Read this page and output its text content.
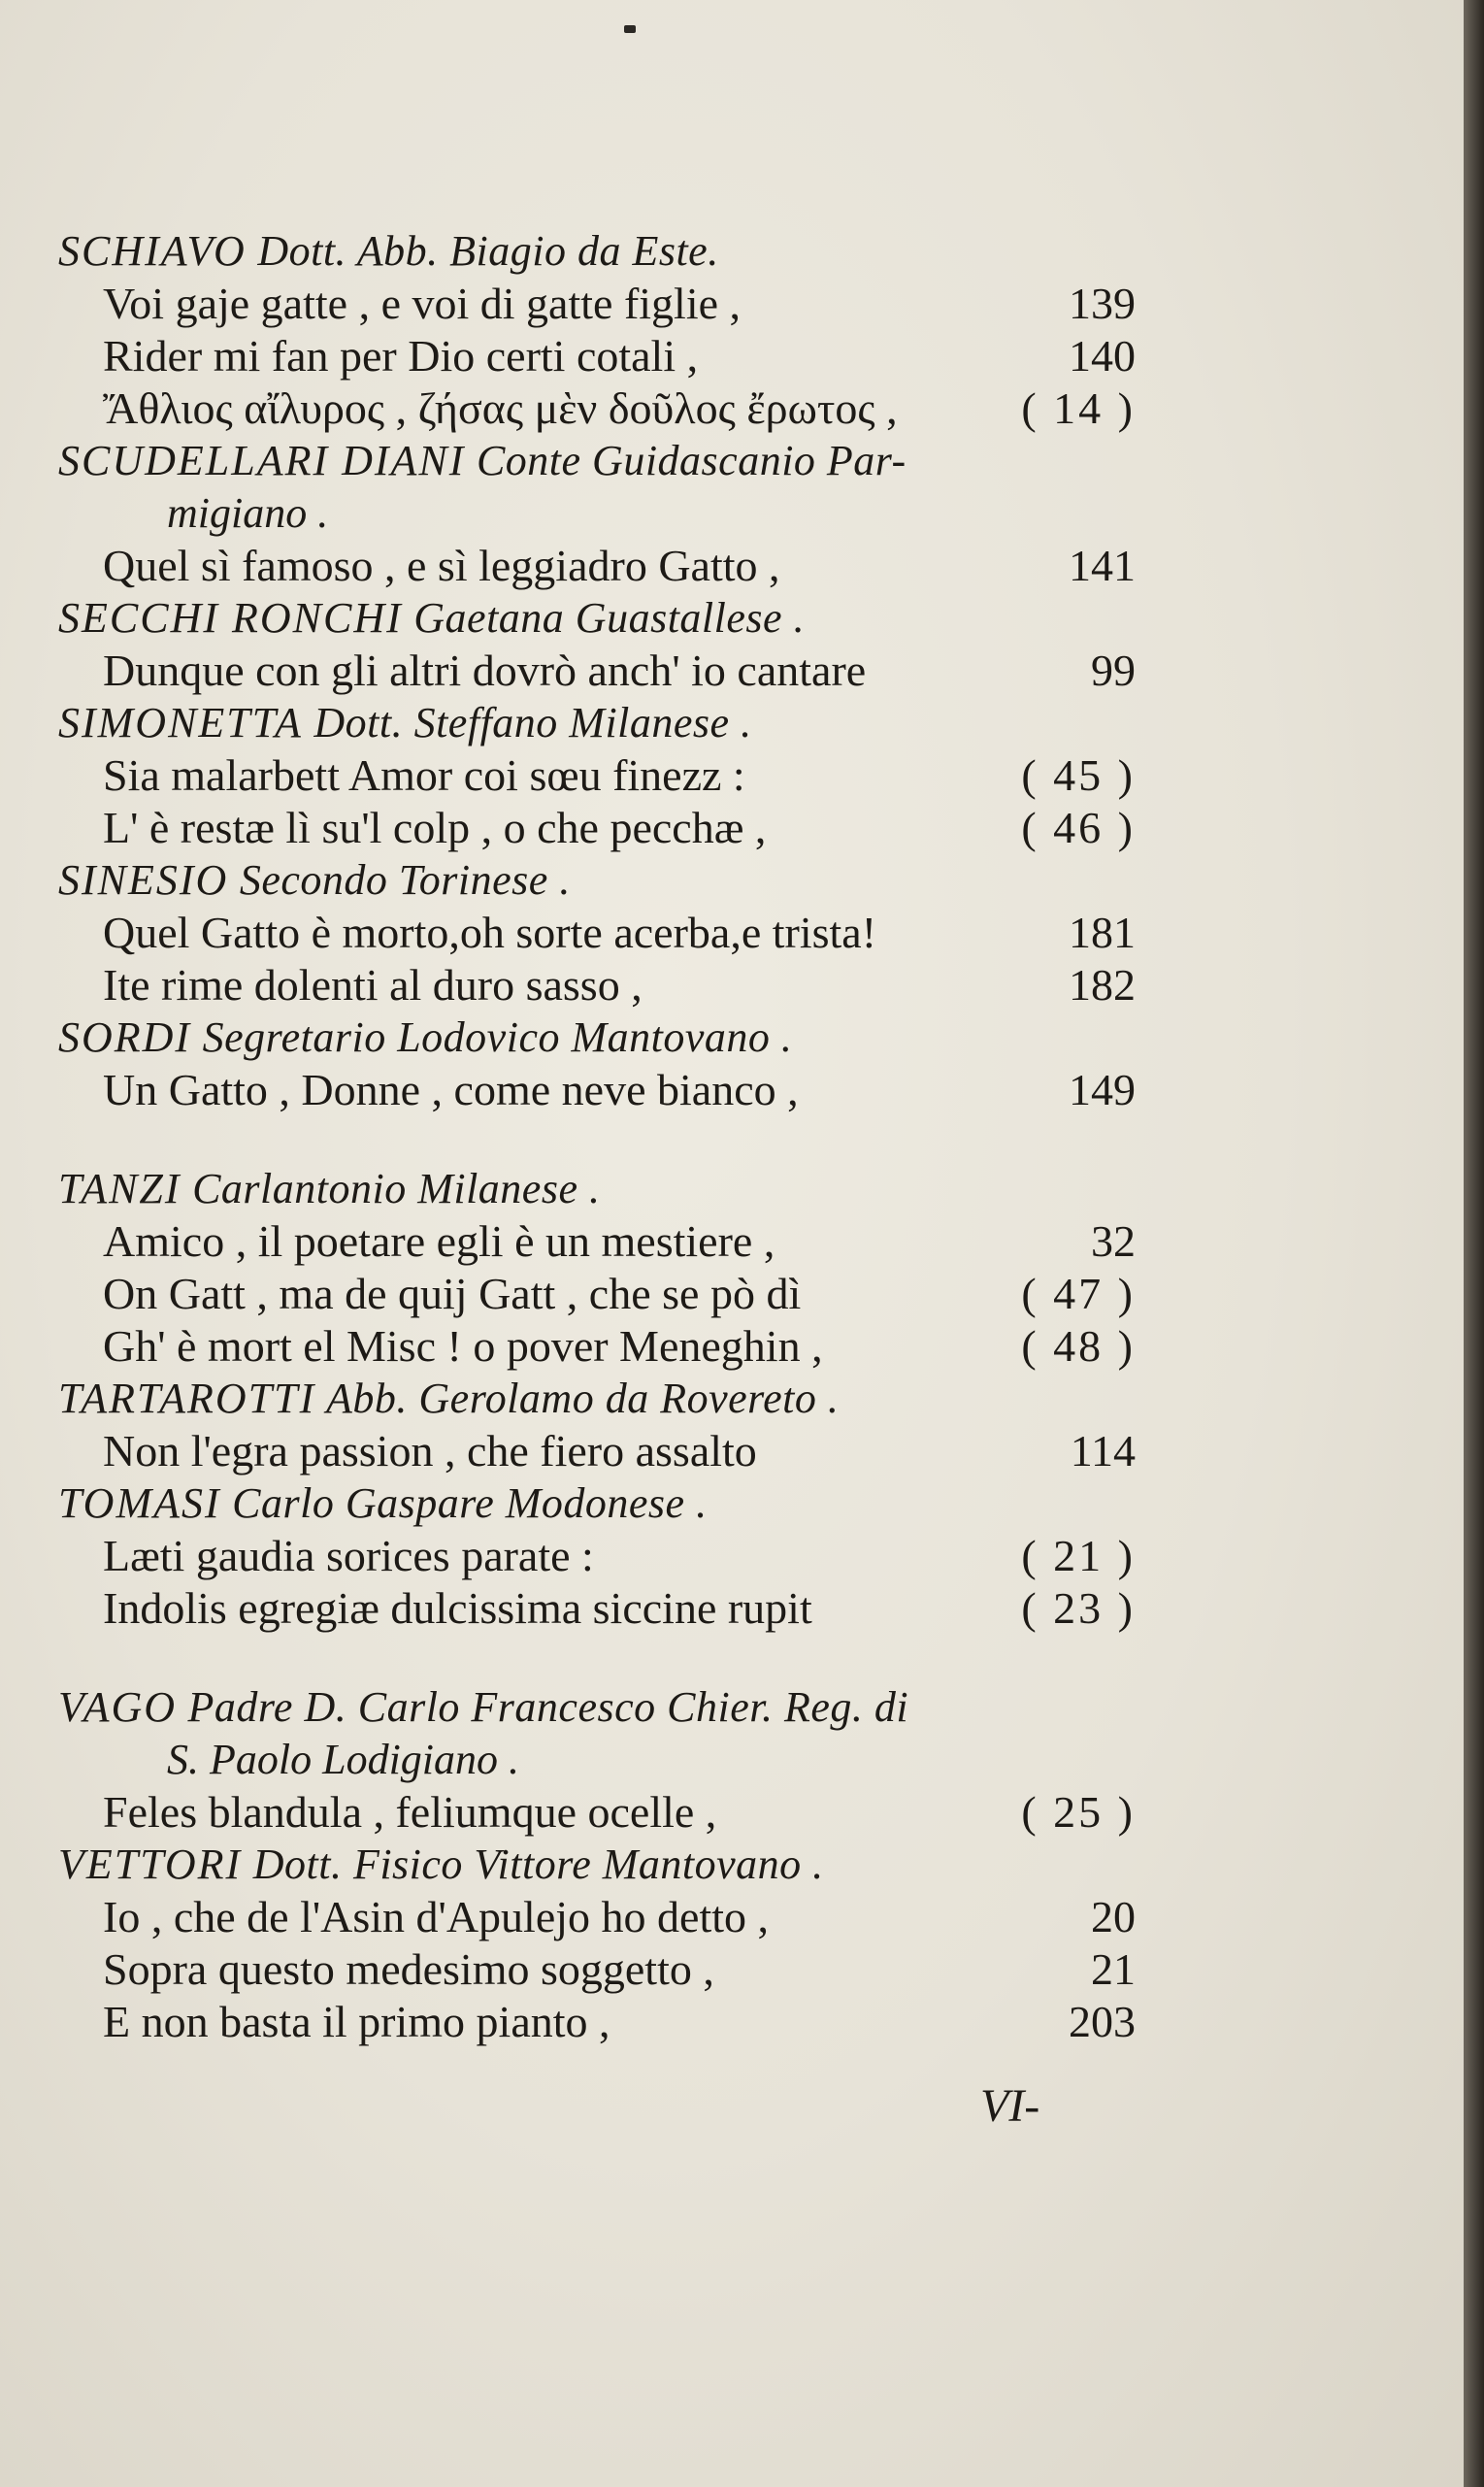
SCHIAVO Dott. Abb. Biagio da Este.
Voi gaje gatte , e voi di gatte figlie ,	139
Rider mi fan per Dio certi cotali ,	140
Ἄθλιος αἴλυρος , ζήσας μὲν δοῦλος ἔρωτος ,	( 14 )
SCUDELLARI DIANI Conte Guidascanio Par-
migiano .
Quel sì famoso , e sì leggiadro Gatto ,	141
SECCHI RONCHI Gaetana Guastallese .
Dunque con gli altri dovrò anch' io cantare	99
SIMONETTA Dott. Steffano Milanese .
Sia malarbett Amor coi sœu finezz :	( 45 )
L' è restæ lì su'l colp , o che pecchæ ,	( 46 )
SINESIO Secondo Torinese .
Quel Gatto è morto,oh sorte acerba,e trista!	181
Ite rime dolenti al duro sasso ,	182
SORDI Segretario Lodovico Mantovano .
Un Gatto , Donne , come neve bianco ,	149
TANZI Carlantonio Milanese .
Amico , il poetare egli è un mestiere ,	32
On Gatt , ma de quij Gatt , che se pò dì	( 47 )
Gh' è mort el Misc ! o pover Meneghin ,	( 48 )
TARTAROTTI Abb. Gerolamo da Rovereto .
Non l'egra passion , che fiero assalto	114
TOMASI Carlo Gaspare Modonese .
Læti gaudia sorices parate :	( 21 )
Indolis egregiæ dulcissima siccine rupit	( 23 )
VAGO Padre D. Carlo Francesco Chier. Reg. di
S. Paolo Lodigiano .
Feles blandula , feliumque ocelle ,	( 25 )
VETTORI Dott. Fisico Vittore Mantovano .
Io , che de l'Asin d'Apulejo ho detto ,	20
Sopra questo medesimo soggetto ,	21
E non basta il primo pianto ,	203
VI-
